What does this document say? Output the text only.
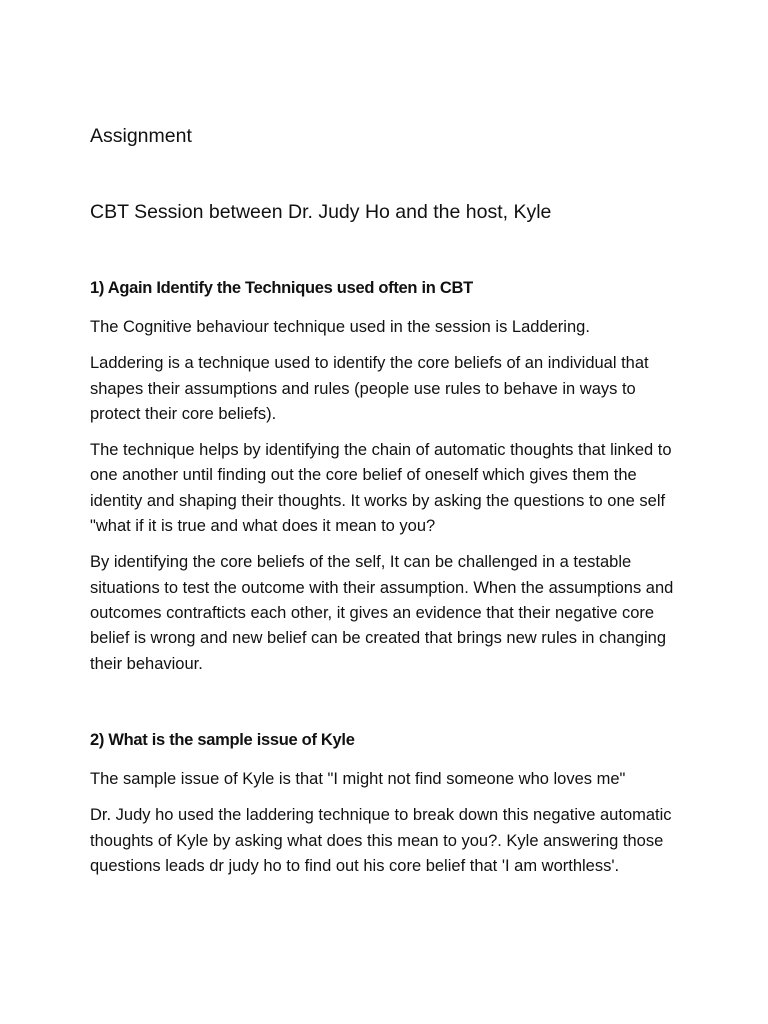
Assignment
CBT Session between Dr. Judy Ho and the host, Kyle
1) Again Identify the Techniques used often in CBT

The Cognitive behaviour technique used in the session is Laddering.

Laddering is a technique used to identify the core beliefs of an individual that shapes their assumptions and rules (people use rules to behave in ways to protect their core beliefs).

The technique helps by identifying the chain of automatic thoughts that linked to one another until finding out the core belief of oneself which gives them the identity and shaping their thoughts. It works by asking the questions to one self "what if it is true and what does it mean to you?

By identifying the core beliefs of the self, It can be challenged in a testable situations to test the outcome with their assumption. When the assumptions and outcomes contrafticts each other, it gives an evidence that their negative core belief is wrong and new belief can be created that brings new rules in changing their behaviour.

2) What is the sample issue of Kyle

The sample issue of Kyle is that "I might not find someone who loves me"

Dr. Judy ho used the laddering technique to break down this negative automatic thoughts of Kyle by asking what does this mean to you?. Kyle answering those questions leads dr judy ho to find out his core belief that 'I am worthless'.
